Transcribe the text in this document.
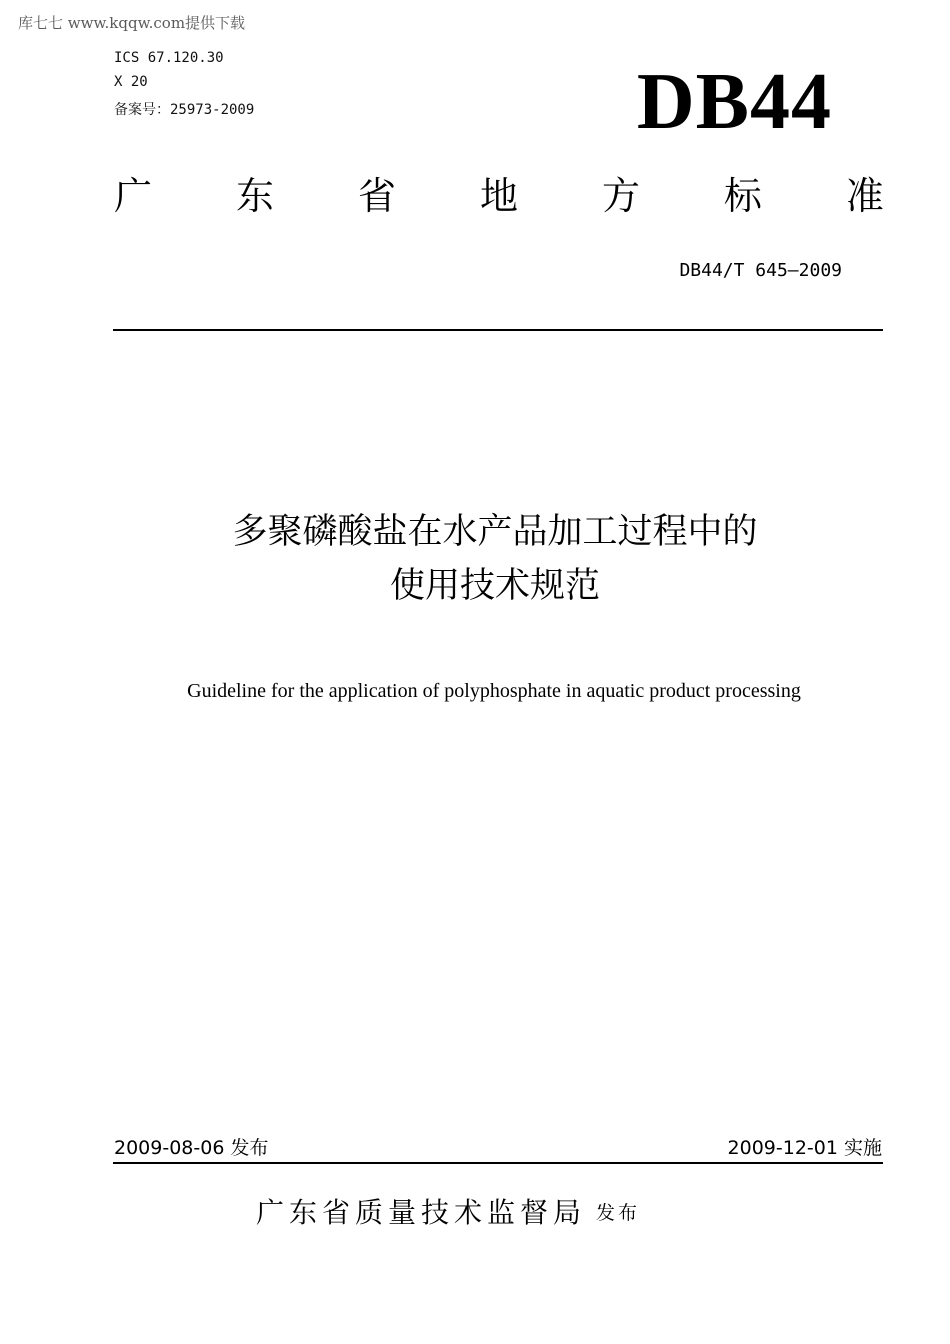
库七七 www.kqqw.com提供下载
ICS 67.120.30
X 20
备案号：25973-2009	DB44
广 东 省 地 方 标 准
DB44/T 645—2009
多聚磷酸盐在水产品加工过程中的
使用技术规范
Guideline for the application of polyphosphate in aquatic product processing
2009-08-06 发布	2009-12-01 实施
广东省质量技术监督局 发布
